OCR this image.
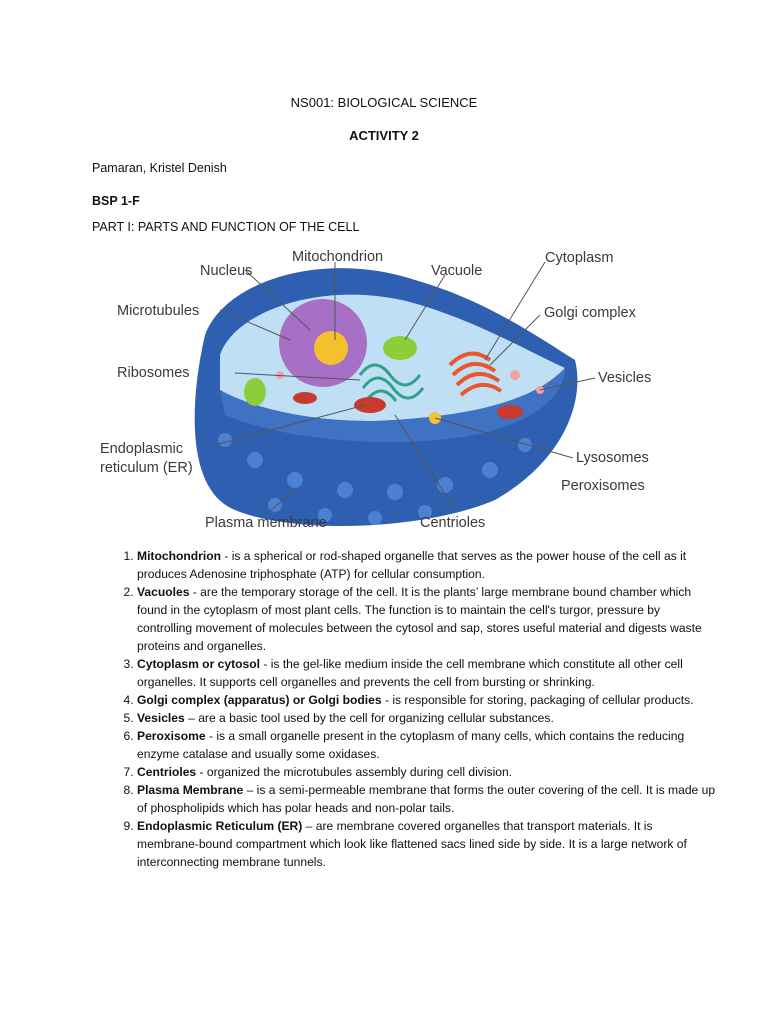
NS001: BIOLOGICAL SCIENCE
ACTIVITY 2
Pamaran, Kristel Denish
BSP 1-F
PART I: PARTS AND FUNCTION OF THE CELL
Nucleus
Mitochondrion
Vacuole
Cytoplasm
Microtubules	Golgi complex
Ribosomes	Vesicles
Endoplasmic
reticulum (ER)
Lysosomes
Peroxisomes
Plasma membrane	Centrioles
1. Mitochondrion - is a spherical or rod-shaped organelle that serves as the power house of the cell as it produces Adenosine triphosphate (ATP) for cellular consumption.
2. Vacuoles - are the temporary storage of the cell. It is the plants’ large membrane bound chamber which found in the cytoplasm of most plant cells. The function is to maintain the cell's turgor, pressure by controlling movement of molecules between the cytosol and sap, stores useful material and digests waste proteins and organelles.
3. Cytoplasm or cytosol - is the gel-like medium inside the cell membrane which constitute all other cell organelles. It supports cell organelles and prevents the cell from bursting or shrinking.
4. Golgi complex (apparatus) or Golgi bodies - is responsible for storing, packaging of cellular products.
5. Vesicles – are a basic tool used by the cell for organizing cellular substances.
6. Peroxisome - is a small organelle present in the cytoplasm of many cells, which contains the reducing enzyme catalase and usually some oxidases.
7. Centrioles - organized the microtubules assembly during cell division.
8. Plasma Membrane – is a semi-permeable membrane that forms the outer covering of the cell. It is made up of phospholipids which has polar heads and non-polar tails.
9. Endoplasmic Reticulum (ER) – are membrane covered organelles that transport materials. It is membrane-bound compartment which look like flattened sacs lined side by side. It is a large network of interconnecting membrane tunnels.
